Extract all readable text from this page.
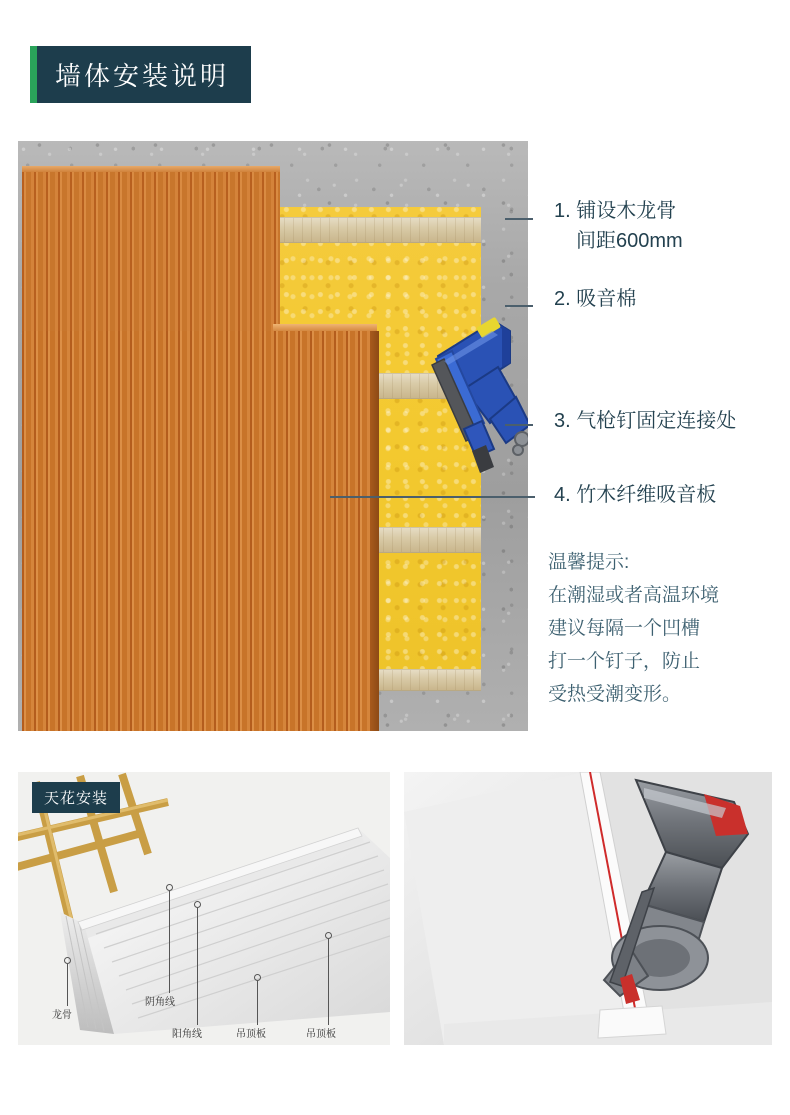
墙体安装说明
1. 铺设木龙骨
间距600mm
2. 吸音棉
3. 气枪钉固定连接处
4. 竹木纤维吸音板
温馨提示:
在潮湿或者高温环境
建议每隔一个凹槽
打一个钉子，防止
受热受潮变形。
天花安装
龙骨
阴角线
阳角线	吊顶板	吊顶板
